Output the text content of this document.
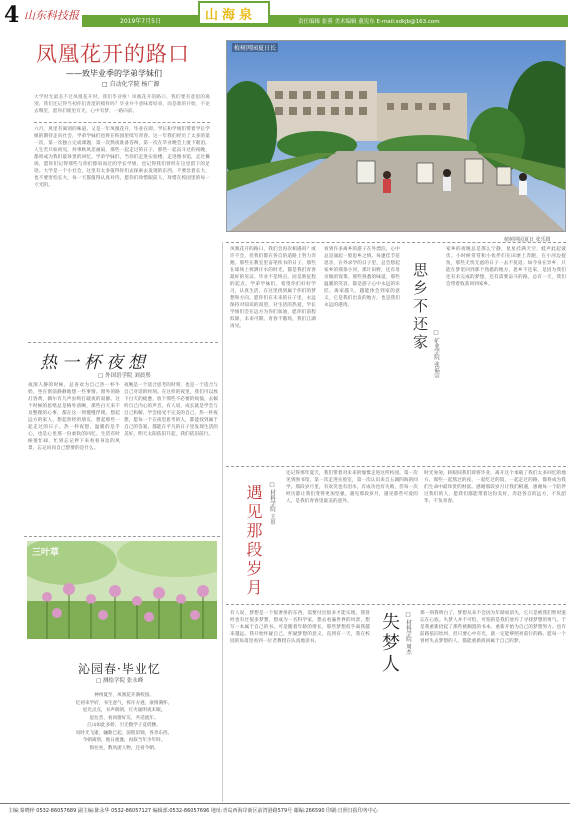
4 山东科技报	2019年7月5日	山海泉	责任编辑 张蓉 美术编辑 董宪东 E-mail:sdkjb@163.com
凤凰花开的路口
——致毕业季的学弟学妹们
□ 自动化学院 杨广源
大学时光最美不过凤凰花开时，我们毕业啦！凤凰花开的路口，我们要有意思的离别，我们还记得当初你们青涩的模样吗？毕业并不意味着结束，而是新的开始，不论去哪里，愿你们眼里有光，心中有梦，一路向前。
六月，风里有离别的味道，又是一年凤凰花开，毕业在即。学长和学姐们带着学长学姐的期待走向社会，学弟学妹们也将在校园里续写青春。这一年我们经历了太多的第一次，第一次独立完成课题，第一次熬夜准备答辩，第一次在毕业晚会上流下眼泪。人生若只如初见，何事秋风悲画扇，那些一起走过的日子，那些一起奋斗过的夜晚，都将成为我们最珍贵的回忆。学弟学妹们，当你们走进实验楼，走进图书馆，走过操场，愿你们记得那些与你们擦肩而过的学长学姐，也记得我们曾经在这里留下的足迹。大学是一个小社会，这里有太多值得你们去探索去发现的东西，不要急着长大，也不要害怕长大，每一天都值得认真对待。愿你们珍惜眼前人，珍惜在校园里的每一寸光阴。
植树网园夏日长
植树网园夏日 张乐摄
凤凰花开的路口，我们会再次相遇吗？或许不会，但我们都在各自的道路上努力奔跑。那些在教室里奋笔疾书的日子，那些在球场上挥洒汗水的时光，都是我们青春最好的见证。毕业不是终点，而是新征程的起点。学弟学妹们，希望你们好好学习，认真生活，在这里找到属于你们的梦想和方向。愿你们在未来的日子里，永远保持对知识的渴望，对生活的热爱。学长学姐们会在远方为你们加油，愿你们前程似锦，未来可期。青春不散场，我们江湖再见。
看到许多离乡的游子在外漂泊，心中总是涌起一股思乡之情。每逢佳节倍思亲，在外求学的日子里，总会想起家乡的那条小河，那片田野，还有母亲做的饭菜。那些熟悉的味道，那些温暖的笑容，都是游子心中永远的牵挂。离家越久，越能体会到家的意义，它是我们出发的地方，也是我们永远的港湾。	思乡不还家
□ 矿业学院 张福宗
家乡的夜晚总是那么宁静，星星挂满天空，蛙声此起彼伏。小时候常常和小伙伴们在田埂上奔跑，在小河边捉鱼，那些无忧无虑的日子一去不复返。如今身在异乡，只能在梦里回到那个熟悉的地方。思乡不还家，是因为我们还有未完成的梦想，还有需要奋斗的路。总有一天，我们会带着收获回到家乡。
热一杯夜想
□ 外国语学院 刘晨彤
夜深人静的时候，总喜欢为自己热一杯牛奶，坐在窗前静静地想一些事情。窗外的路灯昏黄，偶尔有几声虫鸣打破夜的寂静。这个时候的思绪总是格外清晰，那些白天来不及整理的心事，都在这一刻慢慢浮现。想起远方的家人，想起曾经的朋友，想起那些一起走过的日子。热一杯夜想，温暖的是手心，也是心里那一份柔软的回忆。生活有时候很忙碌，忙到忘记停下来看看身边的风景，忘记问问自己想要的是什么。
夜晚是一个适合思考的时刻，也是一个适合与自己对话的时刻。在这样的夜里，我们可以放下白天的疲惫，放下那些不必要的烦恼，去倾听自己内心的声音。有人说，成长就是学会与自己和解，学会接受不完美的自己。热一杯夜想，愿每一个在夜里思考的人，都能找到属于自己的答案，都能在平凡的日子里发现生活的美好。明天太阳依旧升起，我们依旧前行。
遇见那段岁月 □ 材料学院 王景
还记得那年夏天，我们带着对未来的憧憬走进这所校园。第一次见到图书馆，第一次走进实验室，第一次认识来自五湖四海的同学。那段岁月里，有欢笑也有泪水，有成功也有失败，但每一次经历都让我们变得更加坚强。遇见那段岁月，遇见那些可爱的人，是我们青春里最美的意外。
时光匆匆，转眼间我们即将毕业，离开这个承载了我们太多回忆的地方。那些一起熬过的夜，一起吃过的饭，一起走过的路，都将成为我们生命中最珍贵的财富。感谢那段岁月让我们相遇，感谢每一个陪伴过我们的人，愿我们都能带着这份美好，奔赴各自的远方，不负韶华，不负青春。
有人说，梦想是一个很奢侈的东西，需要付出很多才能实现。我曾经也有过很多梦想，想成为一名科学家，想去看遍世界的风景，想写一本属于自己的书。可是随着年龄的增长，那些梦想似乎离我越来越远。我开始怀疑自己，怀疑梦想的意义，直到有一天，我在校园的角落里看到一位老教授在认真地读书。	失梦人 □ 材料学院 周杰 那一刻我明白了，梦想从来不会因为年龄而消失，它只是被我们暂时遗忘在心底。失梦人并不可怕，可怕的是我们放弃了寻找梦想的勇气。于是我重新拾起了那些被搁置的书本，重新开始为自己的梦想努力。也许前路依旧坎坷，但只要心中有光，就一定能够照亮前行的路。愿每一个曾经失去梦想的人，都能重新找回属于自己的梦。
三叶草
沁园春·毕业忆
□ 测绘学院 张永峰
神州夏至，凤凰花开满校园。
忆初来学府，书生意气，挥斥方遒，豪情满怀。
星光点点，书声朗朗，灯火通明夜未眠。
思往昔，看同窗好友，共话流年。
江山如此多娇，引无数学子竞折腰。
叹时光飞逝，骊歌已起，前程似锦，各奔东西。
今朝离别，他日重逢，再叙当年少年时。
俱往矣，数风流人物，还看今朝。
主编:秦晓梓 0532-86057689 副主编:陈永华 0532-86057127 编辑部:0532-86057696 地址:青岛西海岸新区前湾港路579号 邮编:266590 印刷:日照日报印务中心
